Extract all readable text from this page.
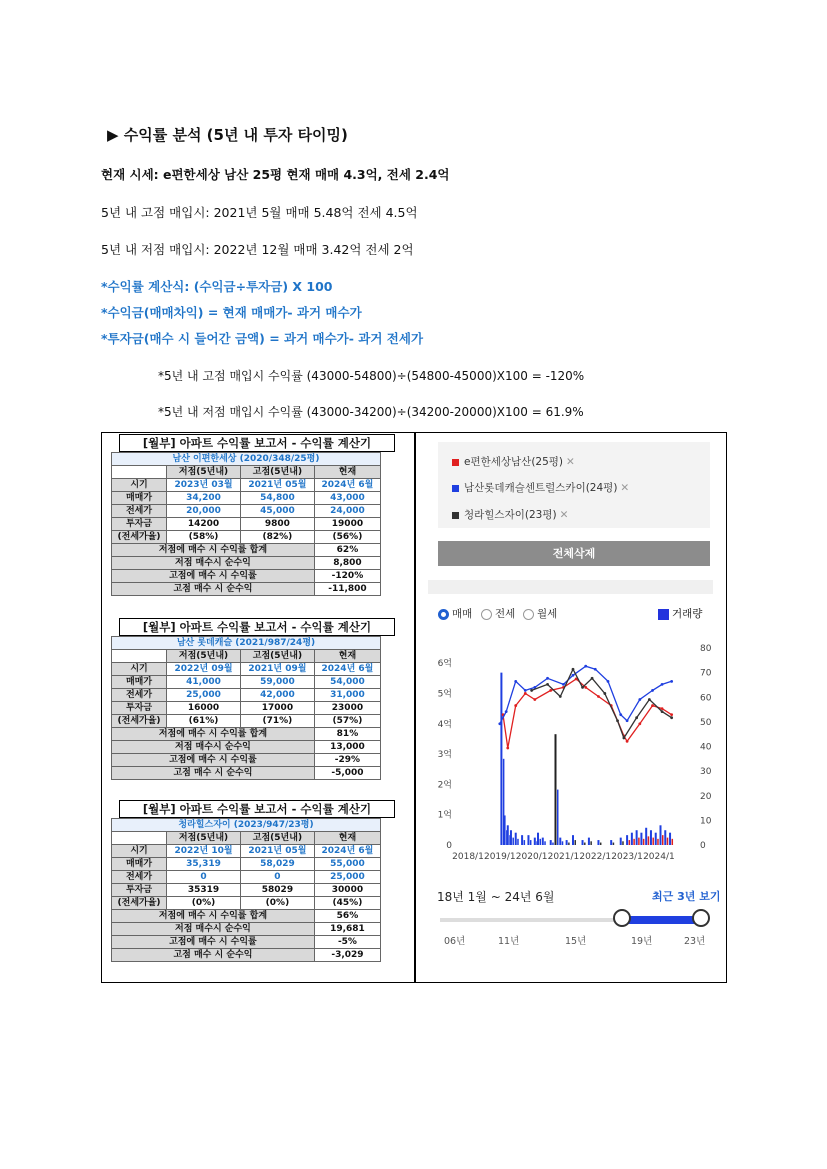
▶ 수익률 분석 (5년 내 투자 타이밍)
현재 시세: e편한세상 남산 25평 현재 매매 4.3억, 전세 2.4억
5년 내 고점 매입시: 2021년 5월 매매 5.48억 전세 4.5억
5년 내 저점 매입시: 2022년 12월 매매 3.42억 전세 2억
*수익률 계산식: (수익금÷투자금) X 100
*수익금(매매차익) = 현재 매매가- 과거 매수가
*투자금(매수 시 들어간 금액) = 과거 매수가- 과거 전세가
*5년 내 고점 매입시 수익률 (43000-54800)÷(54800-45000)X100 = -120%
*5년 내 저점 매입시 수익률 (43000-34200)÷(34200-20000)X100 = 61.9%
[월부] 아파트 수익률 보고서 - 수익률 계산기
남산 이편한세상 (2020/348/25평)			
	저점(5년내)	고점(5년내)	현재
시기	2023년 03월	2021년 05월	2024년 6월
매매가	34,200	54,800	43,000
전세가	20,000	45,000	24,000
투자금	14200	9800	19000
(전세가율)	(58%)	(82%)	(56%)
저점에 매수 시 수익률 합계			62%
저점 매수시 순수익			8,800
고점에 매수 시 수익률			-120%
고점 매수 시 순수익			-11,800
[월부] 아파트 수익률 보고서 - 수익률 계산기
남산 롯데캐슬 (2021/987/24평)			
	저점(5년내)	고점(5년내)	현재
시기	2022년 09월	2021년 09월	2024년 6월
매매가	41,000	59,000	54,000
전세가	25,000	42,000	31,000
투자금	16000	17000	23000
(전세가율)	(61%)	(71%)	(57%)
저점에 매수 시 수익률 합계			81%
저점 매수시 순수익			13,000
고점에 매수 시 수익률			-29%
고점 매수 시 순수익			-5,000
[월부] 아파트 수익률 보고서 - 수익률 계산기
청라힐스자이 (2023/947/23평)			
	저점(5년내)	고점(5년내)	현재
시기	2022년 10월	2021년 05월	2024년 6월
매매가	35,319	58,029	55,000
전세가	0	0	25,000
투자금	35319	58029	30000
(전세가율)	(0%)	(0%)	(45%)
저점에 매수 시 수익률 합계			56%
저점 매수시 순수익			19,681
고점에 매수 시 수익률			-5%
고점 매수 시 순수익			-3,029
e편한세상남산(25평) ✕
남산롯데캐슬센트럴스카이(24평) ✕
청라힐스자이(23평) ✕
전체삭제
매매	전세	월세	거래량
0
1억
2억
3억
4억
5억
6억
0
10
20
30
40
50
60
70
80
2018/1 2019/1 2020/1 2021/1 2022/1 2023/1 2024/1
18년 1월 ~ 24년 6월	최근 3년 보기
06년	11년	15년	19년	23년
